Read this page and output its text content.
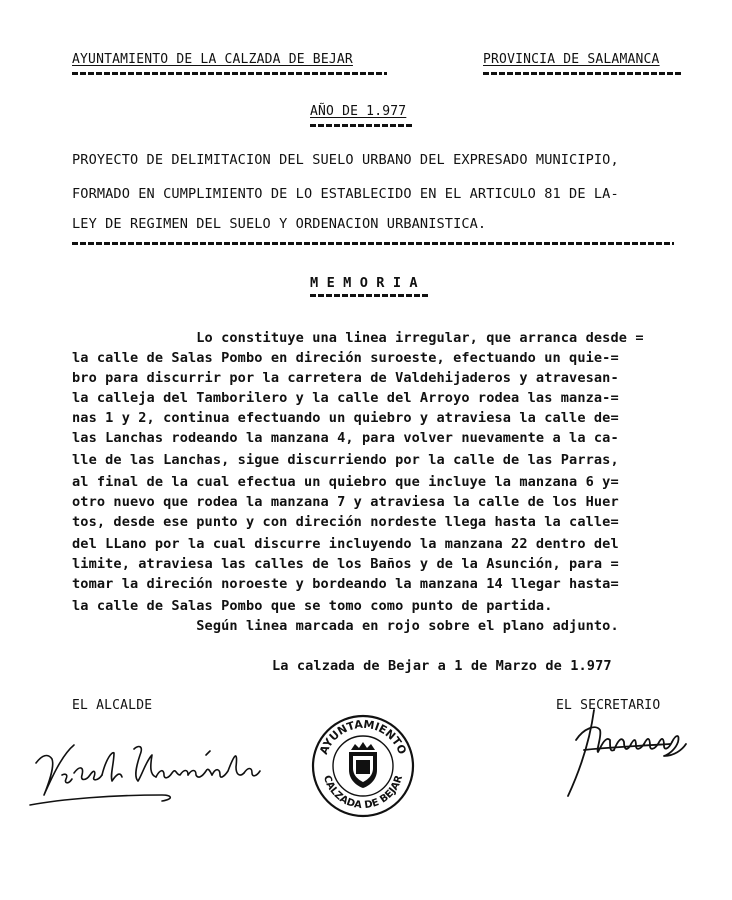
AYUNTAMIENTO DE LA CALZADA DE BEJAR	PROVINCIA DE SALAMANCA
AÑO DE 1.977
PROYECTO DE DELIMITACION DEL SUELO URBANO DEL EXPRESADO MUNICIPIO,
FORMADO EN CUMPLIMIENTO DE LO ESTABLECIDO EN EL ARTICULO 81 DE LA-
LEY DE REGIMEN DEL SUELO Y ORDENACION URBANISTICA.
M E M O R I A
Lo constituye una linea irregular, que arranca desde =
la calle de Salas Pombo en direción suroeste, efectuando un quie-=
bro para discurrir por la carretera de Valdehijaderos y atravesan-
la calleja del Tamborilero y la calle del Arroyo rodea las manza-=
nas 1 y 2, continua efectuando un quiebro y atraviesa la calle de=
las Lanchas rodeando la manzana 4, para volver nuevamente a la ca-
lle de las Lanchas, sigue discurriendo por la calle de las Parras,
al final de la cual efectua un quiebro que incluye la manzana 6 y=
otro nuevo que rodea la manzana 7 y atraviesa la calle de los Huer
tos, desde ese punto y con direción nordeste llega hasta la calle=
del LLano por la cual discurre incluyendo la manzana 22 dentro del
limite, atraviesa las calles de los Baños y de la Asunción, para =
tomar la direción noroeste y bordeando la manzana 14 llegar hasta=
la calle de Salas Pombo que se tomo como punto de partida.
Según linea marcada en rojo sobre el plano adjunto.
La calzada de Bejar a 1 de Marzo de 1.977
EL ALCALDE	EL SECRETARIO
AYUNTAMIENTO
CALZADA DE BEJAR
